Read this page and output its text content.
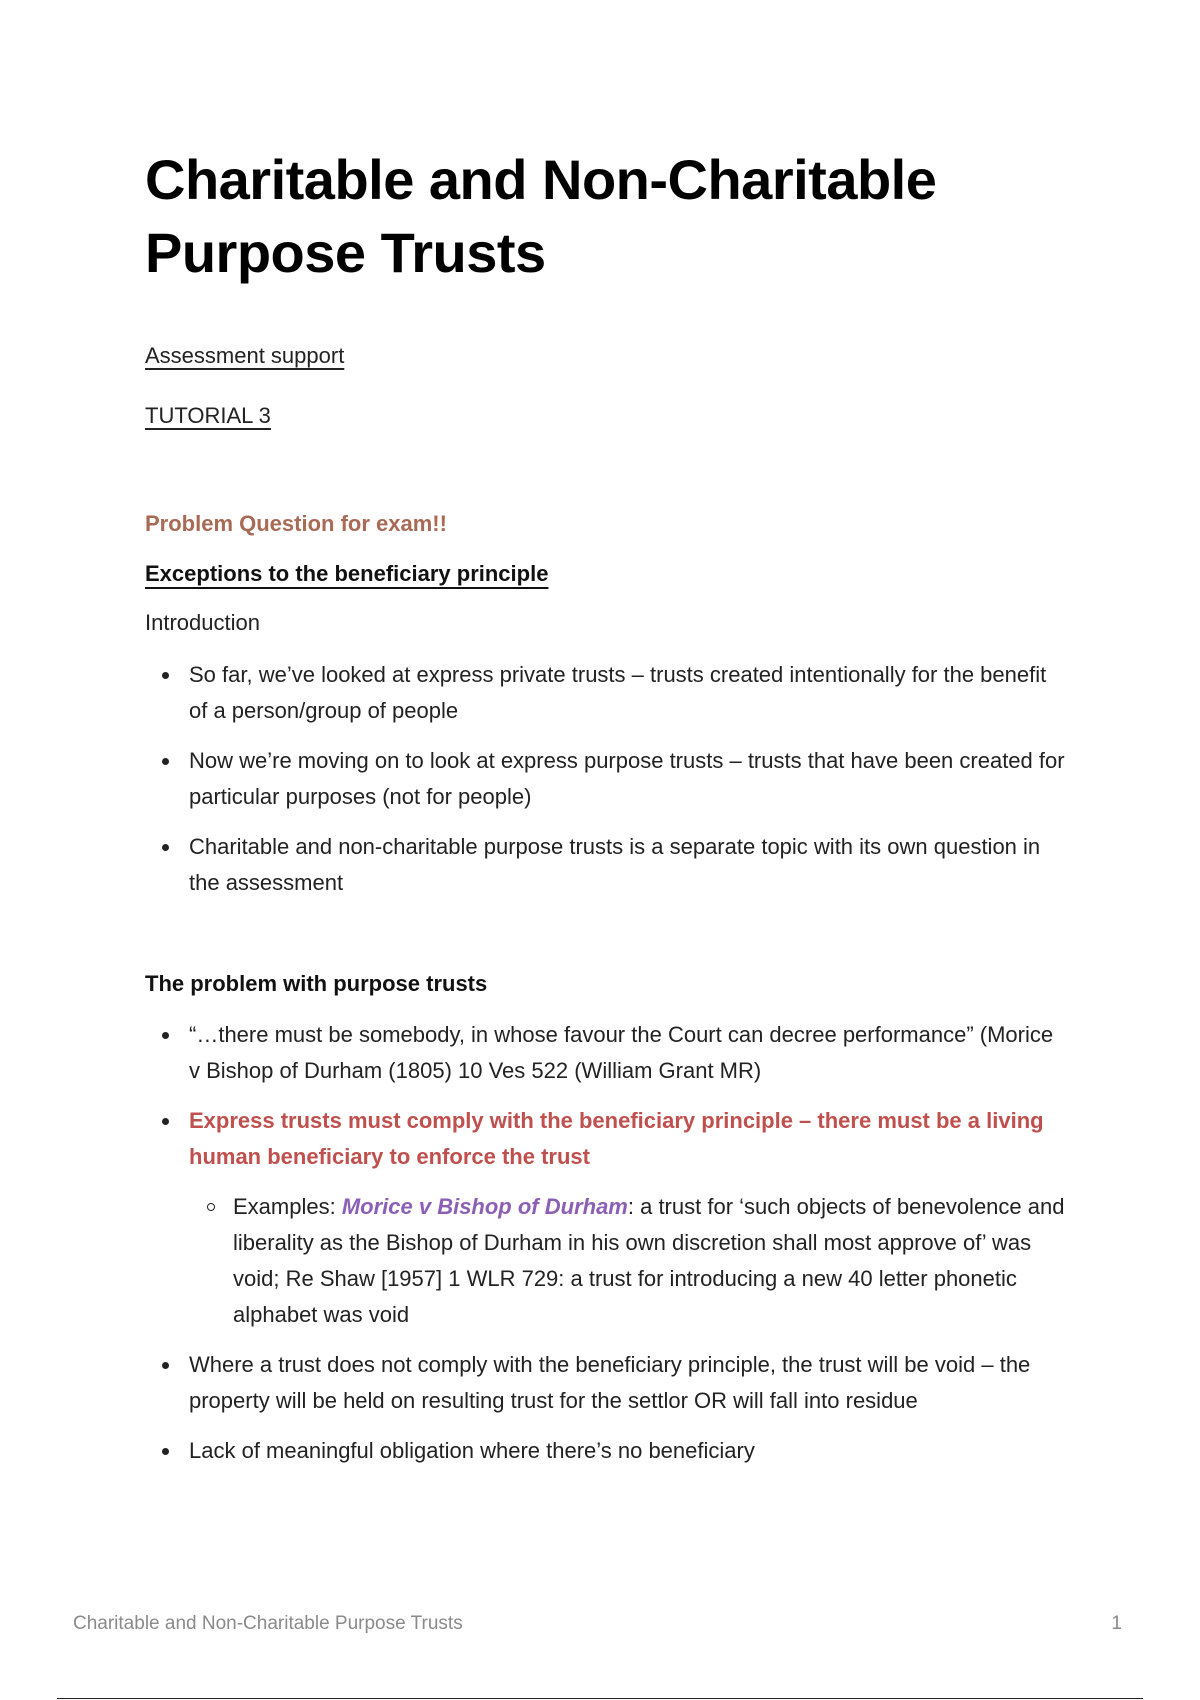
Charitable and Non-Charitable Purpose Trusts

Assessment support

TUTORIAL 3

Problem Question for exam!!

Exceptions to the beneficiary principle

Introduction

So far, we’ve looked at express private trusts – trusts created intentionally for the benefit of a person/group of people
Now we’re moving on to look at express purpose trusts – trusts that have been created for particular purposes (not for people)
Charitable and non-charitable purpose trusts is a separate topic with its own question in the assessment

The problem with purpose trusts

“…there must be somebody, in whose favour the Court can decree performance” (Morice v Bishop of Durham (1805) 10 Ves 522 (William Grant MR)
Express trusts must comply with the beneficiary principle – there must be a living human beneficiary to enforce the trust
Examples: Morice v Bishop of Durham: a trust for ‘such objects of benevolence and liberality as the Bishop of Durham in his own discretion shall most approve of’ was void; Re Shaw [1957] 1 WLR 729: a trust for introducing a new 40 letter phonetic alphabet was void
Where a trust does not comply with the beneficiary principle, the trust will be void – the property will be held on resulting trust for the settlor OR will fall into residue
Lack of meaningful obligation where there’s no beneficiary
Charitable and Non-Charitable Purpose Trusts	1
